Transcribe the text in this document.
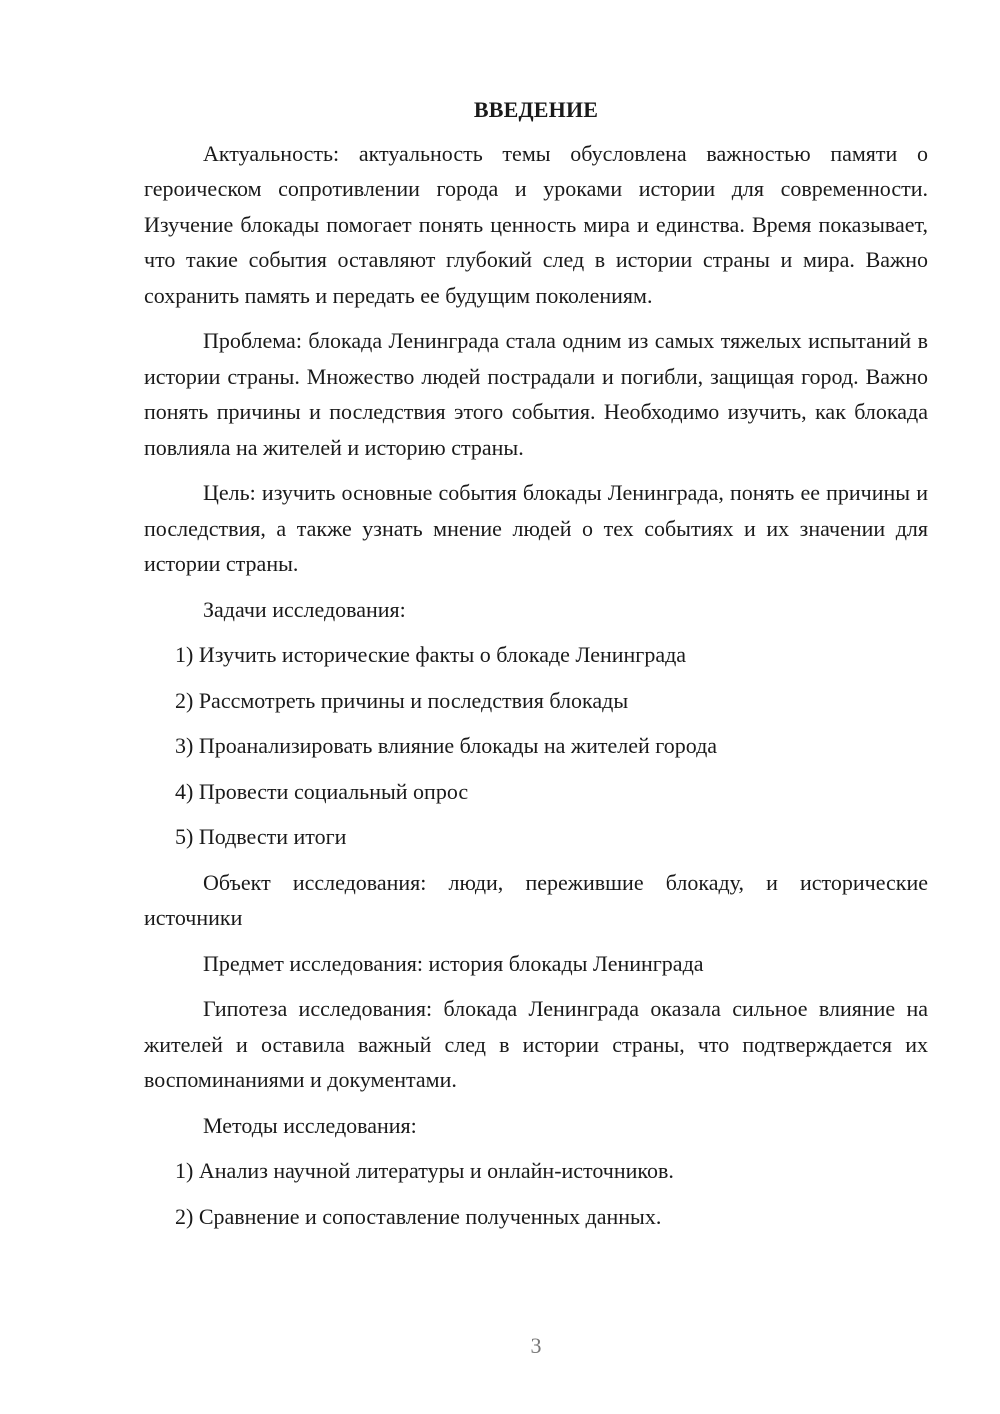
ВВЕДЕНИЕ

Актуальность: актуальность темы обусловлена важностью памяти о героическом сопротивлении города и уроками истории для современности. Изучение блокады помогает понять ценность мира и единства. Время показывает, что такие события оставляют глубокий след в истории страны и мира. Важно сохранить память и передать ее будущим поколениям.

Проблема: блокада Ленинграда стала одним из самых тяжелых испытаний в истории страны. Множество людей пострадали и погибли, защищая город. Важно понять причины и последствия этого события. Необходимо изучить, как блокада повлияла на жителей и историю страны.

Цель: изучить основные события блокады Ленинграда, понять ее причины и последствия, а также узнать мнение людей о тех событиях и их значении для истории страны.

Задачи исследования:

1) Изучить исторические факты о блокаде Ленинграда
2) Рассмотреть причины и последствия блокады
3) Проанализировать влияние блокады на жителей города
4) Провести социальный опрос
5) Подвести итоги

Объект исследования: люди, пережившие блокаду, и исторические источники

Предмет исследования: история блокады Ленинграда

Гипотеза исследования: блокада Ленинграда оказала сильное влияние на жителей и оставила важный след в истории страны, что подтверждается их воспоминаниями и документами.

Методы исследования:

1) Анализ научной литературы и онлайн-источников.
2) Сравнение и сопоставление полученных данных.
3
